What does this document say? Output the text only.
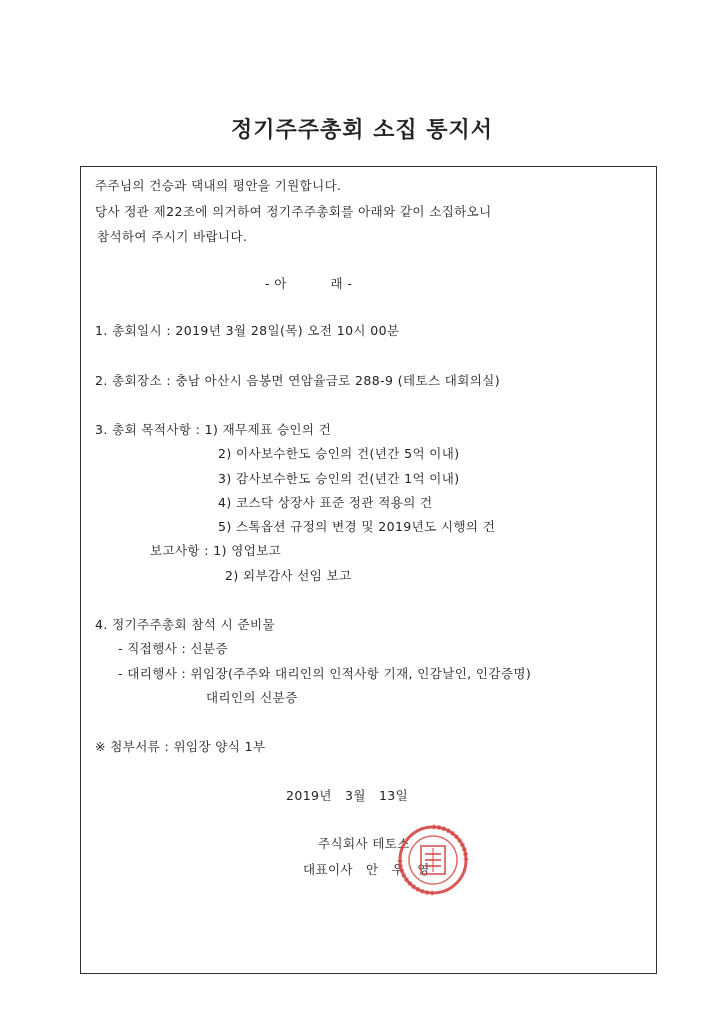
정기주주총회 소집 통지서
주주님의 건승과 댁내의 평안을 기원합니다.
당사 정관 제22조에 의거하여 정기주주총회를 아래와 같이 소집하오니
참석하여 주시기 바랍니다.
- 아          래 -
1. 총회일시 : 2019년 3월 28일(목) 오전 10시 00분
2. 총회장소 : 충남 아산시 음봉면 연암율금로 288-9 (테토스 대회의실)
3. 총회 목적사항 : 1) 재무제표 승인의 건
2) 이사보수한도 승인의 건(년간 5억 이내)
3) 감사보수한도 승인의 건(년간 1억 이내)
4) 코스닥 상장사 표준 정관 적용의 건
5) 스톡옵션 규정의 변경 및 2019년도 시행의 건
보고사항 : 1) 영업보고
2) 외부감사 선임 보고
4. 정기주주총회 참석 시 준비물
- 직접행사 : 신분증
- 대리행사 : 위임장(주주와 대리인의 인적사항 기재, 인감날인, 인감증명)
대리인의 신분증
※ 첨부서류 : 위임장 양식 1부
2019년   3월   13일
주식회사 테토스
대표이사   안   우   영
